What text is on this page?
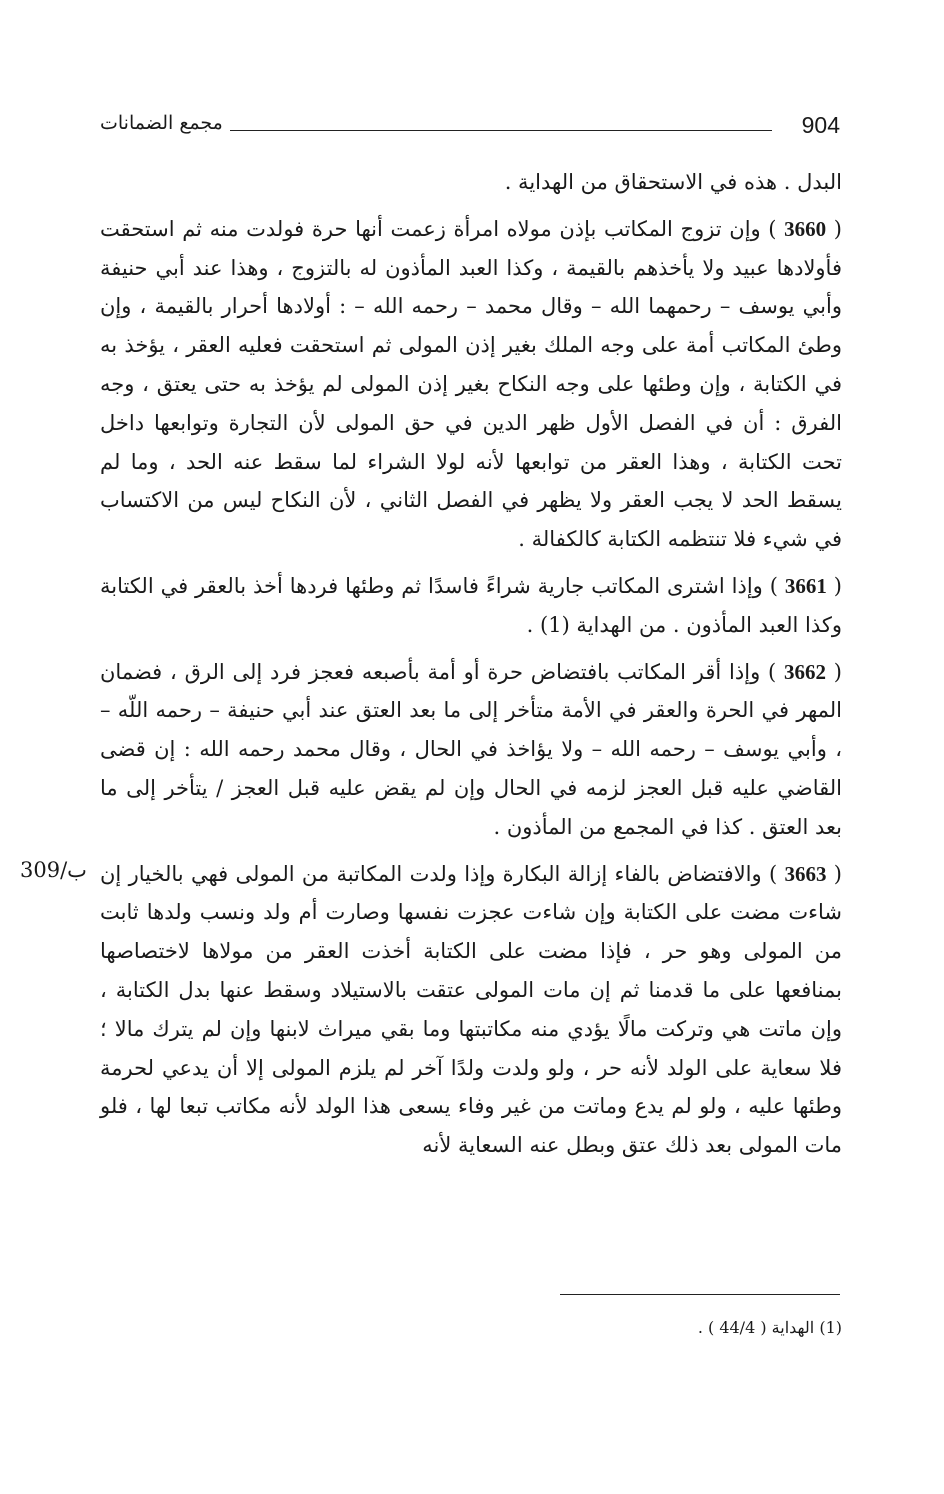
904
مجمع الضمانات

البدل . هذه في الاستحقاق من الهداية .

( 3660 ) وإن تزوج المكاتب بإذن مولاه امرأة زعمت أنها حرة فولدت منه ثم استحقت فأولادها عبيد ولا يأخذهم بالقيمة ، وكذا العبد المأذون له بالتزوج ، وهذا عند أبي حنيفة وأبي يوسف – رحمهما الله – وقال محمد – رحمه الله – : أولادها أحرار بالقيمة ، وإن وطئ المكاتب أمة على وجه الملك بغير إذن المولى ثم استحقت فعليه العقر ، يؤخذ به في الكتابة ، وإن وطئها على وجه النكاح بغير إذن المولى لم يؤخذ به حتى يعتق ، وجه الفرق : أن في الفصل الأول ظهر الدين في حق المولى لأن التجارة وتوابعها داخل تحت الكتابة ، وهذا العقر من توابعها لأنه لولا الشراء لما سقط عنه الحد ، وما لم يسقط الحد لا يجب العقر ولا يظهر في الفصل الثاني ، لأن النكاح ليس من الاكتساب في شيء فلا تنتظمه الكتابة كالكفالة .

( 3661 ) وإذا اشترى المكاتب جارية شراءً فاسدًا ثم وطئها فردها أخذ بالعقر في الكتابة وكذا العبد المأذون . من الهداية (1) .

( 3662 ) وإذا أقر المكاتب بافتضاض حرة أو أمة بأصبعه فعجز فرد إلى الرق ، فضمان المهر في الحرة والعقر في الأمة متأخر إلى ما بعد العتق عند أبي حنيفة – رحمه اللّه – ، وأبي يوسف – رحمه الله – ولا يؤاخذ في الحال ، وقال محمد رحمه الله : إن قضى القاضي عليه قبل العجز لزمه في الحال وإن لم يقض عليه قبل العجز / يتأخر إلى ما بعد العتق . كذا في المجمع من المأذون .

( 3663 ) والافتضاض بالفاء إزالة البكارة وإذا ولدت المكاتبة من المولى فهي بالخيار إن شاءت مضت على الكتابة وإن شاءت عجزت نفسها وصارت أم ولد ونسب ولدها ثابت من المولى وهو حر ، فإذا مضت على الكتابة أخذت العقر من مولاها لاختصاصها بمنافعها على ما قدمنا ثم إن مات المولى عتقت بالاستيلاد وسقط عنها بدل الكتابة ، وإن ماتت هي وتركت مالًا يؤدي منه مكاتبتها وما بقي ميراث لابنها وإن لم يترك مالا ؛ فلا سعاية على الولد لأنه حر ، ولو ولدت ولدًا آخر لم يلزم المولى إلا أن يدعي لحرمة وطئها عليه ، ولو لم يدع وماتت من غير وفاء يسعى هذا الولد لأنه مكاتب تبعا لها ، فلو مات المولى بعد ذلك عتق وبطل عنه السعاية لأنه

309/ب
(1) الهداية ( 44/4 ) .
